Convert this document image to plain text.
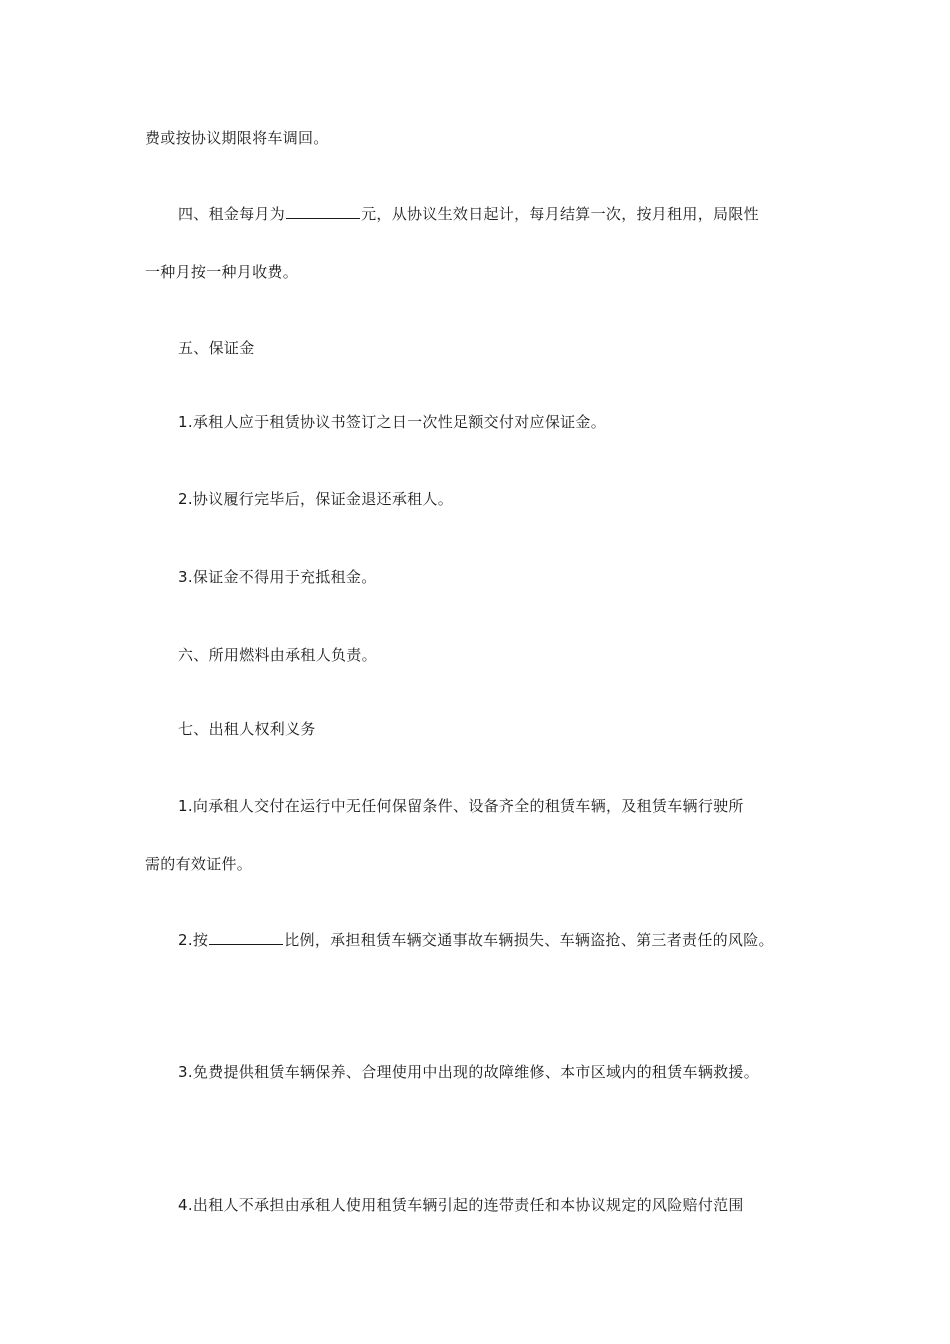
费或按协议期限将车调回。
四、租金每月为	元，从协议生效日起计，每月结算一次，按月租用，局限性
一种月按一种月收费。
五、保证金
1.承租人应于租赁协议书签订之日一次性足额交付对应保证金。
2.协议履行完毕后，保证金退还承租人。
3.保证金不得用于充抵租金。
六、所用燃料由承租人负责。
七、出租人权利义务
1.向承租人交付在运行中无任何保留条件、设备齐全的租赁车辆，及租赁车辆行驶所
需的有效证件。
2.按	比例，承担租赁车辆交通事故车辆损失、车辆盗抢、第三者责任的风险。
3.免费提供租赁车辆保养、合理使用中出现的故障维修、本市区域内的租赁车辆救援。
4.出租人不承担由承租人使用租赁车辆引起的连带责任和本协议规定的风险赔付范围
